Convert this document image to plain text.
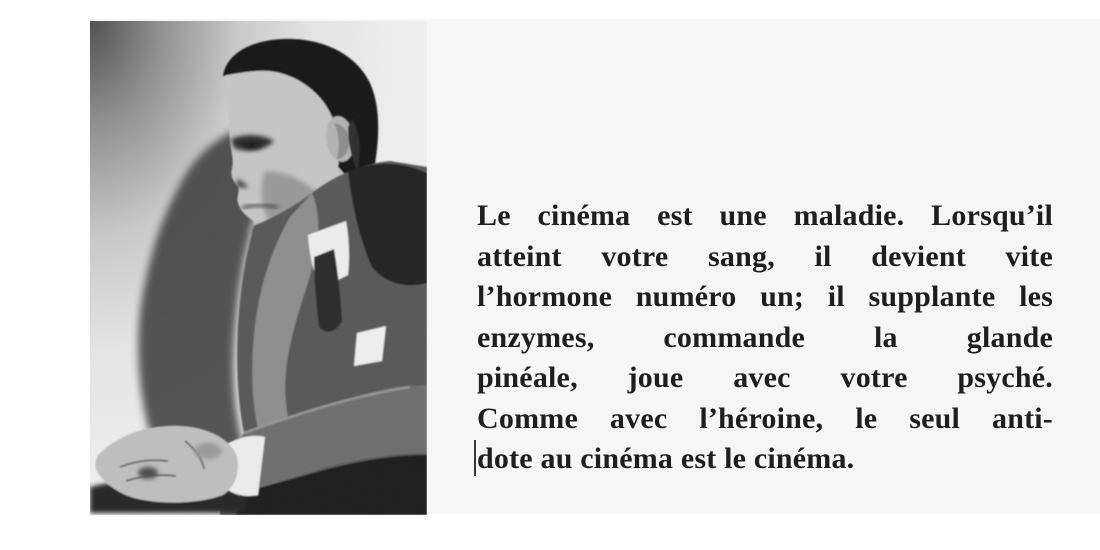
Le cinéma est une maladie. Lorsqu’il
atteint votre sang, il devient vite
l’hormone numéro un; il supplante les
enzymes, commande la glande
pinéale, joue avec votre psyché.
Comme avec l’héroine, le seul anti-
dote au cinéma est le cinéma.
